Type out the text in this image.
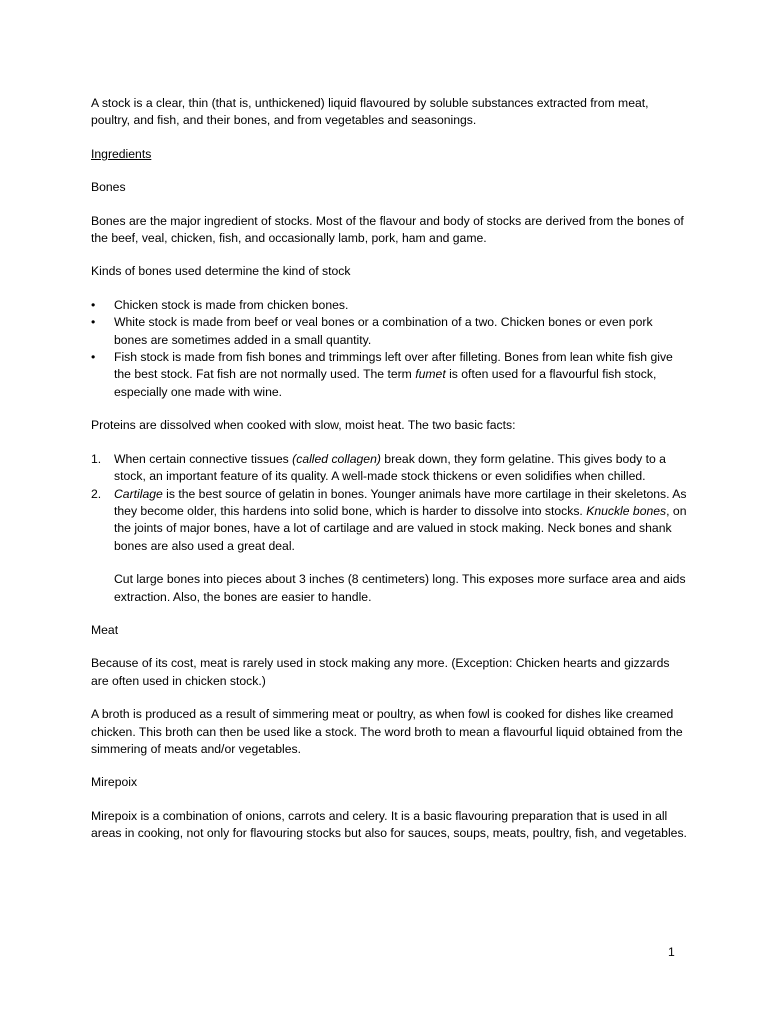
A stock is a clear, thin (that is, unthickened) liquid flavoured by soluble substances extracted from meat, poultry, and fish, and their bones, and from vegetables and seasonings.

Ingredients

Bones

Bones are the major ingredient of stocks. Most of the flavour and body of stocks are derived from the bones of the beef, veal, chicken, fish, and occasionally lamb, pork, ham and game.

Kinds of bones used determine the kind of stock

•	Chicken stock is made from chicken bones.
•	White stock is made from beef or veal bones or a combination of a two. Chicken bones or even pork bones are sometimes added in a small quantity.
•	Fish stock is made from fish bones and trimmings left over after filleting. Bones from lean white fish give the best stock. Fat fish are not normally used. The term fumet is often used for a flavourful fish stock, especially one made with wine.

Proteins are dissolved when cooked with slow, moist heat. The two basic facts:

1.	When certain connective tissues (called collagen) break down, they form gelatine. This gives body to a stock, an important feature of its quality. A well-made stock thickens or even solidifies when chilled.
2.	Cartilage is the best source of gelatin in bones. Younger animals have more cartilage in their skeletons. As they become older, this hardens into solid bone, which is harder to dissolve into stocks. Knuckle bones, on the joints of major bones, have a lot of cartilage and are valued in stock making. Neck bones and shank bones are also used a great deal.

Cut large bones into pieces about 3 inches (8 centimeters) long. This exposes more surface area and aids extraction. Also, the bones are easier to handle.

Meat

Because of its cost, meat is rarely used in stock making any more. (Exception: Chicken hearts and gizzards are often used in chicken stock.)

A broth is produced as a result of simmering meat or poultry, as when fowl is cooked for dishes like creamed chicken. This broth can then be used like a stock. The word broth to mean a flavourful liquid obtained from the simmering of meats and/or vegetables.

Mirepoix

Mirepoix is a combination of onions, carrots and celery. It is a basic flavouring preparation that is used in all areas in cooking, not only for flavouring stocks but also for sauces, soups, meats, poultry, fish, and vegetables.

1
